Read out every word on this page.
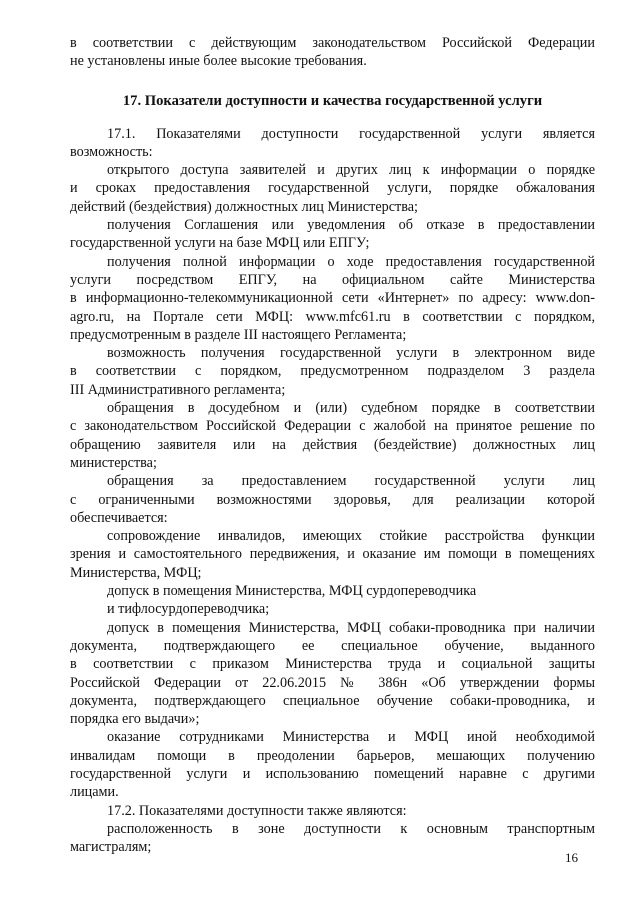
в соответствии с действующим законодательством Российской Федерации
не установлены иные более высокие требования.
17. Показатели доступности и качества государственной услуги
17.1. Показателями доступности государственной услуги является
возможность:
открытого доступа заявителей и других лиц к информации о порядке
и сроках предоставления государственной услуги, порядке обжалования
действий (бездействия) должностных лиц Министерства;
получения Соглашения или уведомления об отказе в предоставлении
государственной услуги на базе МФЦ или ЕПГУ;
получения полной информации о ходе предоставления государственной
услуги посредством ЕПГУ, на официальном сайте Министерства
в информационно-телекоммуникационной сети «Интернет» по адресу: www.don-
agro.ru, на Портале сети МФЦ: www.mfc61.ru в соответствии с порядком,
предусмотренным в разделе III настоящего Регламента;
возможность получения государственной услуги в электронном виде
в соответствии с порядком, предусмотренном подразделом 3 раздела
III Административного регламента;
обращения в досудебном и (или) судебном порядке в соответствии
с законодательством Российской Федерации с жалобой на принятое решение по
обращению заявителя или на действия (бездействие) должностных лиц
министерства;
обращения за предоставлением государственной услуги лиц
с ограниченными возможностями здоровья, для реализации которой
обеспечивается:
сопровождение инвалидов, имеющих стойкие расстройства функции
зрения и самостоятельного передвижения, и оказание им помощи в помещениях
Министерства, МФЦ;
допуск в помещения Министерства, МФЦ сурдопереводчика
и тифлосурдопереводчика;
допуск в помещения Министерства, МФЦ собаки-проводника при наличии
документа, подтверждающего ее специальное обучение, выданного
в соответствии с приказом Министерства труда и социальной защиты
Российской Федерации от 22.06.2015 № 386н «Об утверждении формы
документа, подтверждающего специальное обучение собаки-проводника, и
порядка его выдачи»;
оказание сотрудниками Министерства и МФЦ иной необходимой
инвалидам помощи в преодолении барьеров, мешающих получению
государственной услуги и использованию помещений наравне с другими
лицами.
17.2. Показателями доступности также являются:
расположенность в зоне доступности к основным транспортным
магистралям;
16
